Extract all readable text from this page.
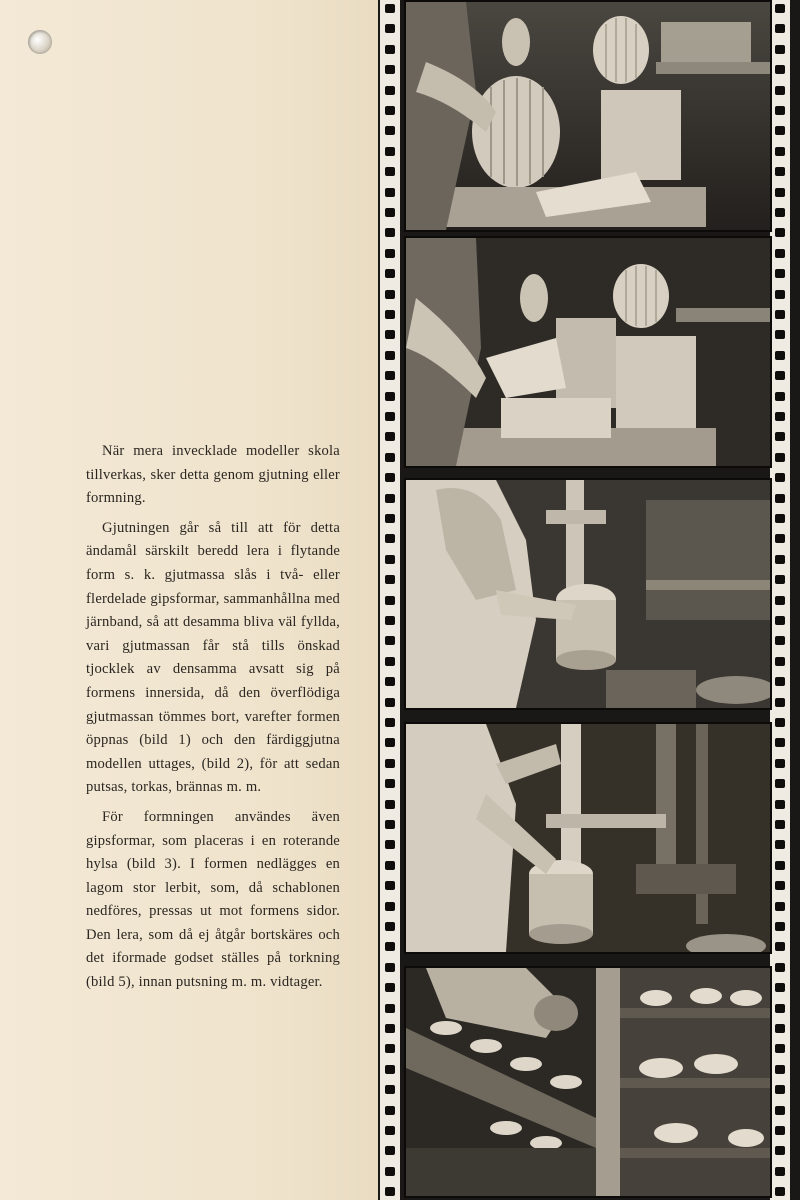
När mera invecklade modeller skola tillverkas, sker detta genom gjutning eller formning.

Gjutningen går så till att för detta ändamål särskilt beredd lera i flytande form s. k. gjutmassa slås i två- eller flerdelade gipsformar, sammanhållna med järnband, så att desamma bliva väl fyllda, vari gjutmassan får stå tills önskad tjocklek av densamma avsatt sig på formens innersida, då den överflödiga gjutmassan tömmes bort, varefter formen öppnas (bild 1) och den färdiggjutna modellen uttages, (bild 2), för att sedan putsas, torkas, brännas m. m.

För formningen användes även gipsformar, som placeras i en roterande hylsa (bild 3). I formen nedlägges en lagom stor lerbit, som, då schablonen nedföres, pressas ut mot formens sidor. Den lera, som då ej åtgår bortskäres och det iformade godset ställes på torkning (bild 5), innan putsning m. m. vidtager.
